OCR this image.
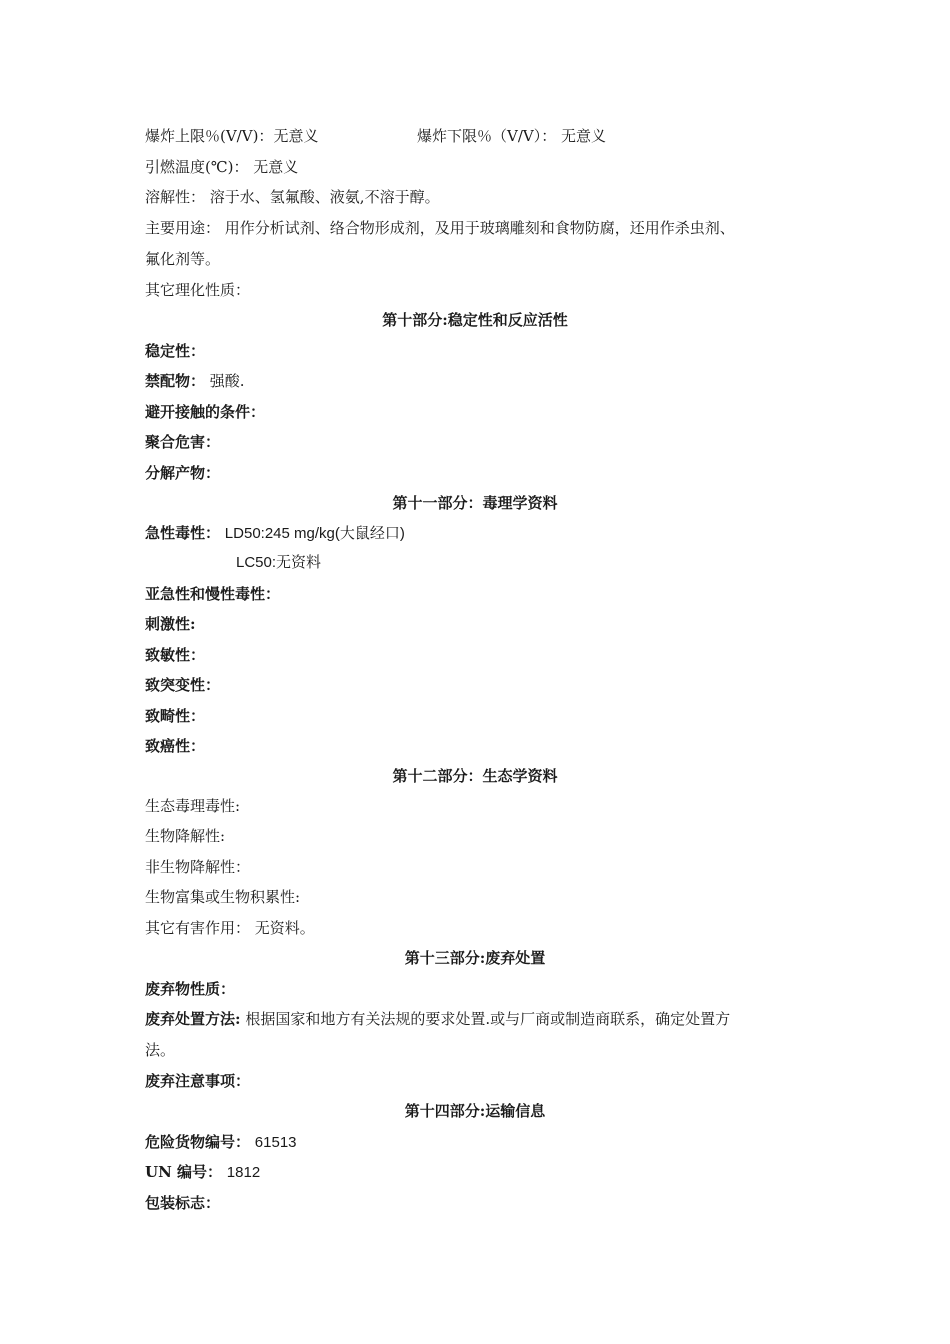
爆炸上限％(V/V)：无意义	爆炸下限％（V/V）： 无意义
引燃温度(℃)： 无意义
溶解性： 溶于水、氢氟酸、液氨,不溶于醇。
主要用途： 用作分析试剂、络合物形成剂，及用于玻璃雕刻和食物防腐，还用作杀虫剂、
氟化剂等。
其它理化性质：
第十部分:稳定性和反应活性
稳定性：
禁配物： 强酸.
避开接触的条件：
聚合危害：
分解产物：
第十一部分：毒理学资料
急性毒性： LD50:245 mg/kg(大鼠经口)
LC50:无资料
亚急性和慢性毒性：
刺激性:
致敏性：
致突变性：
致畸性：
致癌性：
第十二部分：生态学资料
生态毒理毒性:
生物降解性:
非生物降解性：
生物富集或生物积累性:
其它有害作用： 无资料。
第十三部分:废弃处置
废弃物性质：
废弃处置方法: 根据国家和地方有关法规的要求处置.或与厂商或制造商联系，确定处置方
法。
废弃注意事项：
第十四部分:运输信息
危险货物编号： 61513
UN 编号： 1812
包装标志：
